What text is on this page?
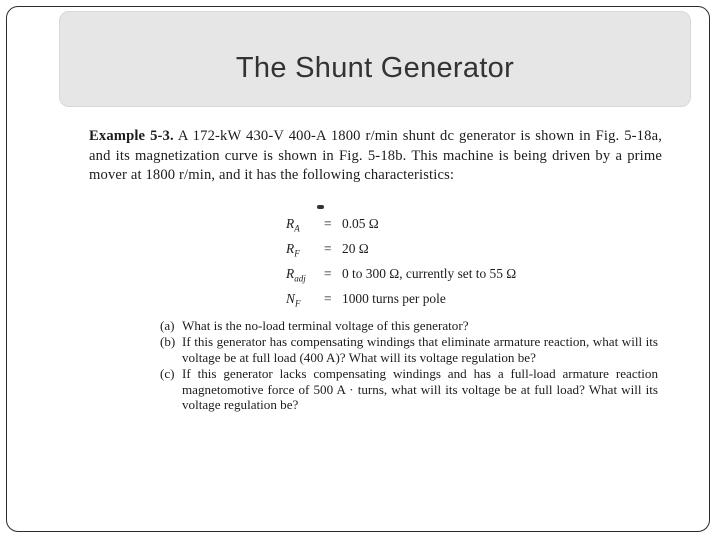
The Shunt Generator
Example 5-3. A 172-kW 430-V 400-A 1800 r/min shunt dc generator is shown in Fig. 5-18a, and its magnetization curve is shown in Fig. 5-18b. This machine is being driven by a prime mover at 1800 r/min, and it has the following characteristics:
$R_A$	= 0.05 Ω
$R_F$	= 20 Ω
$R_{adj}$	= 0 to 300 Ω, currently set to 55 Ω
$N_F$	= 1000 turns per pole
(a) What is the no-load terminal voltage of this generator?
(b) If this generator has compensating windings that eliminate armature reaction, what will its voltage be at full load (400 A)? What will its voltage regulation be?
(c) If this generator lacks compensating windings and has a full-load armature reaction magnetomotive force of 500 A · turns, what will its voltage be at full load? What will its voltage regulation be?
